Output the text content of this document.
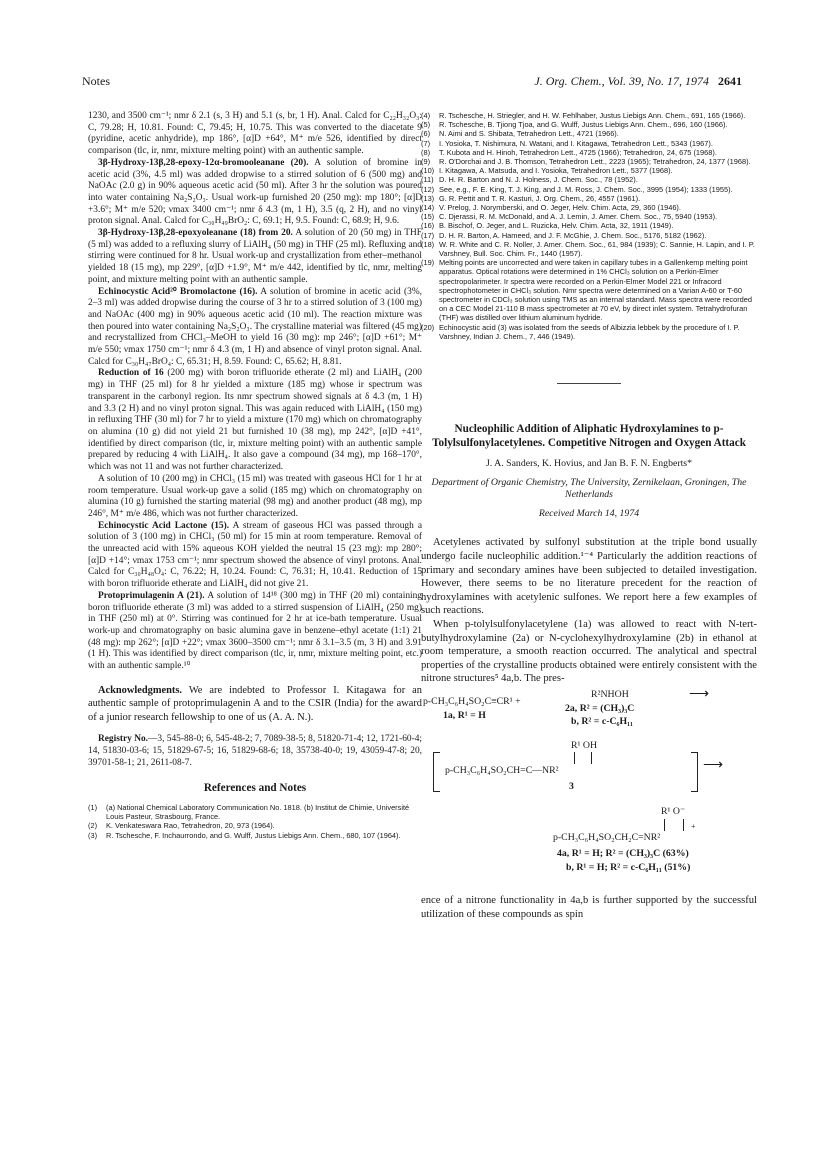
Notes	J. Org. Chem., Vol. 39, No. 17, 1974 2641

1230, and 3500 cm⁻¹; nmr δ 2.1 (s, 3 H) and 5.1 (s, br, 1 H). Anal. Calcd for C₂₂H₃₂O₃: C, 79.28; H, 10.81. Found: C, 79.45; H, 10.75. This was converted to the diacetate 9 (pyridine, acetic anhydride), mp 186°, [α]D +64°, M⁺ m/e 526, identified by direct comparison (tlc, ir, nmr, mixture melting point) with an authentic sample.

3β-Hydroxy-13β,28-epoxy-12α-bromooleanane (20). A solution of bromine in acetic acid (3%, 4.5 ml) was added dropwise to a stirred solution of 6 (500 mg) and NaOAc (2.0 g) in 90% aqueous acetic acid (50 ml). After 3 hr the solution was poured into water containing Na₂S₂O₃. Usual work-up furnished 20 (250 mg): mp 180°; [α]D +3.6°; M⁺ m/e 520; νmax 3400 cm⁻¹; nmr δ 4.3 (m, 1 H), 3.5 (q, 2 H), and no vinyl proton signal. Anal. Calcd for C₃₀H₄₉BrO₂: C, 69.1; H, 9.5. Found: C, 68.9; H, 9.6.

3β-Hydroxy-13β,28-epoxyoleanane (18) from 20. A solution of 20 (50 mg) in THF (5 ml) was added to a refluxing slurry of LiAlH₄ (50 mg) in THF (25 ml). Refluxing and stirring were continued for 8 hr. Usual work-up and crystallization from ether–methanol yielded 18 (15 mg), mp 229°, [α]D +1.9°, M⁺ m/e 442, identified by tlc, nmr, melting point, and mixture melting point with an authentic sample.

Echinocystic Acid²⁰ Bromolactone (16). A solution of bromine in acetic acid (3%, 2–3 ml) was added dropwise during the course of 3 hr to a stirred solution of 3 (100 mg) and NaOAc (400 mg) in 90% aqueous acetic acid (10 ml). The reaction mixture was then poured into water containing Na₂S₂O₃. The crystalline material was filtered (45 mg) and recrystallized from CHCl₃–MeOH to yield 16 (30 mg): mp 246°; [α]D +61°; M⁺ m/e 550; νmax 1750 cm⁻¹; nmr δ 4.3 (m, 1 H) and absence of vinyl proton signal. Anal. Calcd for C₃₀H₄₇BrO₄: C, 65.31; H, 8.59. Found: C, 65.62; H, 8.81.

Reduction of 16 (200 mg) with boron trifluoride etherate (2 ml) and LiAlH₄ (200 mg) in THF (25 ml) for 8 hr yielded a mixture (185 mg) whose ir spectrum was transparent in the carbonyl region. Its nmr spectrum showed signals at δ 4.3 (m, 1 H) and 3.3 (2 H) and no vinyl proton signal. This was again reduced with LiAlH₄ (150 mg) in refluxing THF (30 ml) for 7 hr to yield a mixture (170 mg) which on chromatography on alumina (10 g) did not yield 21 but furnished 10 (38 mg), mp 242°, [α]D +41°, identified by direct comparison (tlc, ir, mixture melting point) with an authentic sample prepared by reducing 4 with LiAlH₄. It also gave a compound (34 mg), mp 168–170°, which was not 11 and was not further characterized.

A solution of 10 (200 mg) in CHCl₃ (15 ml) was treated with gaseous HCl for 1 hr at room temperature. Usual work-up gave a solid (185 mg) which on chromatography on alumina (10 g) furnished the starting material (98 mg) and another product (48 mg), mp 246°, M⁺ m/e 486, which was not further characterized.

Echinocystic Acid Lactone (15). A stream of gaseous HCl was passed through a solution of 3 (100 mg) in CHCl₃ (50 ml) for 15 min at room temperature. Removal of the unreacted acid with 15% aqueous KOH yielded the neutral 15 (23 mg): mp 280°; [α]D +14°; νmax 1753 cm⁻¹; nmr spectrum showed the absence of vinyl protons. Anal. Calcd for C₃₀H₄₈O₄: C, 76.22; H, 10.24. Found: C, 76.31; H, 10.41. Reduction of 15 with boron trifluoride etherate and LiAlH₄ did not give 21.

Protoprimulagenin A (21). A solution of 14¹⁸ (300 mg) in THF (20 ml) containing boron trifluoride etherate (3 ml) was added to a stirred suspension of LiAlH₄ (250 mg) in THF (250 ml) at 0°. Stirring was continued for 2 hr at ice-bath temperature. Usual work-up and chromatography on basic alumina gave in benzene–ethyl acetate (1:1) 21 (48 mg): mp 262°; [α]D +22°; νmax 3600–3500 cm⁻¹; nmr δ 3.1–3.5 (m, 3 H) and 3.91 (1 H). This was identified by direct comparison (tlc, ir, nmr, mixture melting point, etc.) with an authentic sample.¹⁰

Acknowledgments. We are indebted to Professor I. Kitagawa for an authentic sample of protoprimulagenin A and to the CSIR (India) for the award of a junior research fellowship to one of us (A. A. N.).

Registry No.—3, 545-88-0; 6, 545-48-2; 7, 7089-38-5; 8, 51820-71-4; 12, 1721-60-4; 14, 51830-03-6; 15, 51829-67-5; 16, 51829-68-6; 18, 35738-40-0; 19, 43059-47-8; 20, 39701-58-1; 21, 2611-08-7.

References and Notes
(1)	(a) National Chemical Laboratory Communication No. 1818. (b) Institut de Chimie, Université Louis Pasteur, Strasbourg, France.
(2)	K. Venkateswara Rao, Tetrahedron, 20, 973 (1964).
(3)	R. Tschesche, F. Inchaurrondo, and G. Wulff, Justus Liebigs Ann. Chem., 680, 107 (1964).
(4)	R. Tschesche, H. Striegler, and H. W. Fehlhaber, Justus Liebigs Ann. Chem., 691, 165 (1966).
(5)	R. Tschesche, B. Tjiong Tjoa, and G. Wulff, Justus Liebigs Ann. Chem., 696, 160 (1966).
(6)	N. Aimi and S. Shibata, Tetrahedron Lett., 4721 (1966).
(7)	I. Yosioka, T. Nishimura, N. Watani, and I. Kitagawa, Tetrahedron Lett., 5343 (1967).
(8)	T. Kubota and H. Hinoh, Tetrahedron Lett., 4725 (1966); Tetrahedron, 24, 675 (1968).
(9)	R. O'Dorchai and J. B. Thomson, Tetrahedron Lett., 2223 (1965); Tetrahedron, 24, 1377 (1968).
(10) I. Kitagawa, A. Matsuda, and I. Yosioka, Tetrahedron Lett., 5377 (1968).
(11) D. H. R. Barton and N. J. Holness, J. Chem. Soc., 78 (1952).
(12) See, e.g., F. E. King, T. J. King, and J. M. Ross, J. Chem. Soc., 3995 (1954); 1333 (1955).
(13) G. R. Pettit and T. R. Kasturi, J. Org. Chem., 26, 4557 (1961).
(14) V. Prelog, J. Norymberski, and O. Jeger, Helv. Chim. Acta, 29, 360 (1946).
(15) C. Djerassi, R. M. McDonald, and A. J. Lemin, J. Amer. Chem. Soc., 75, 5940 (1953).
(16) B. Bischof, O. Jeger, and L. Ruzicka, Helv. Chim. Acta, 32, 1911 (1949).
(17) D. H. R. Barton, A. Hameed, and J. F. McGhie, J. Chem. Soc., 5176, 5182 (1962).
(18) W. R. White and C. R. Noller, J. Amer. Chem. Soc., 61, 984 (1939); C. Sannie, H. Lapin, and I. P. Varshney, Bull. Soc. Chim. Fr., 1440 (1957).
(19) Melting points are uncorrected and were taken in capillary tubes in a Gallenkemp melting point apparatus. Optical rotations were determined in 1% CHCl₃ solution on a Perkin-Elmer spectropolarimeter. Ir spectra were recorded on a Perkin-Elmer Model 221 or Infracord spectrophotometer in CHCl₃ solution. Nmr spectra were determined on a Varian A-60 or T-60 spectrometer in CDCl₃ solution using TMS as an internal standard. Mass spectra were recorded on a CEC Model 21-110 B mass spectrometer at 70 eV, by direct inlet system. Tetrahydrofuran (THF) was distilled over lithium aluminum hydride.
(20) Echinocystic acid (3) was isolated from the seeds of Albizzia lebbek by the procedure of I. P. Varshney, Indian J. Chem., 7, 446 (1949).
Nucleophilic Addition of Aliphatic Hydroxylamines to p-Tolylsulfonylacetylenes. Competitive Nitrogen and Oxygen Attack
J. A. Sanders, K. Hovius, and Jan B. F. N. Engberts*
Department of Organic Chemistry, The University, Zernikelaan, Groningen, The Netherlands
Received March 14, 1974

Acetylenes activated by sulfonyl substitution at the triple bond usually undergo facile nucleophilic addition.¹⁻⁴ Particularly the addition reactions of primary and secondary amines have been subjected to detailed investigation. However, there seems to be no literature precedent for the reaction of hydroxylamines with acetylenic sulfones. We report here a few examples of such reactions.

When p-tolylsulfonylacetylene (1a) was allowed to react with N-tert-butylhydroxylamine (2a) or N-cyclohexylhydroxylamine (2b) in ethanol at room temperature, a smooth reaction occurred. The analytical and spectral properties of the crystalline products obtained were entirely consistent with the nitrone structures⁵ 4a,b. The pres-

p-CH₃C₆H₄SO₂C≡CR¹ +
R²NHOH	⟶
1a, R¹ = H
2a, R² = (CH₃)₃C
b, R² = c-C₆H₁₁
R¹ OH
p-CH₃C₆H₄SO₂CH=C—NR²	⟶
3
R¹ O⁻
+
p-CH₃C₆H₄SO₂CH₂C=NR²
4a, R¹ = H; R² = (CH₃)₃C (63%)
b, R¹ = H; R² = c-C₆H₁₁ (51%)

ence of a nitrone functionality in 4a,b is further supported by the successful utilization of these compounds as spin
